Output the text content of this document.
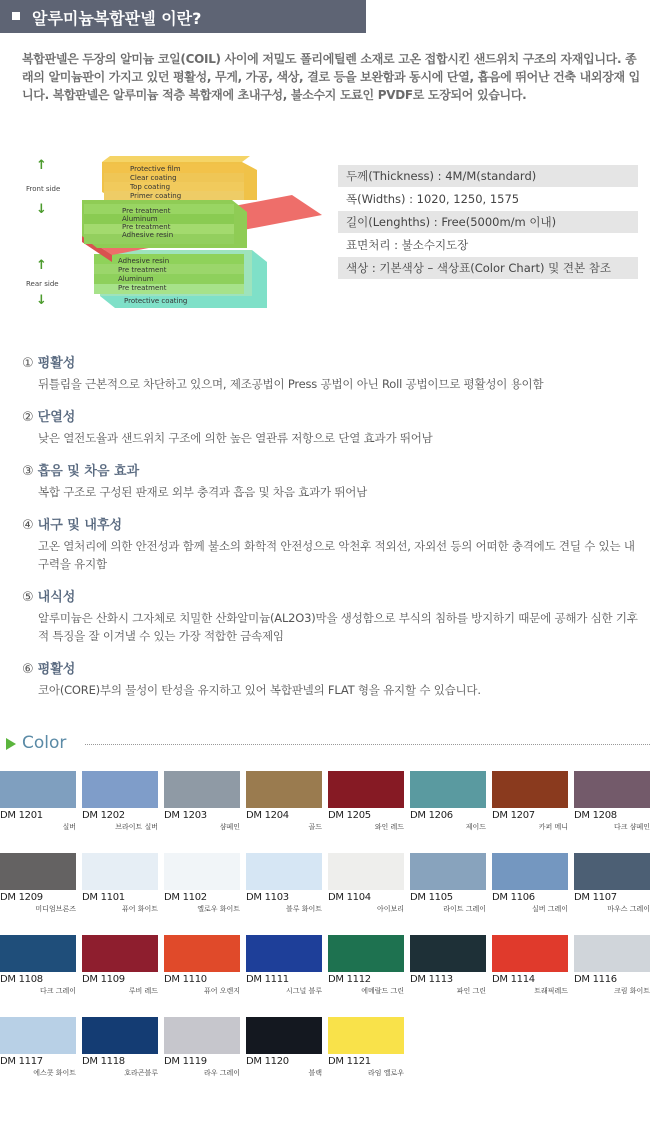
알루미늄복합판넬 이란?
복합판넬은 두장의 알미늄 코일(COIL) 사이에 저밀도 폴리에틸렌 소재로 고온 접합시킨 샌드위치 구조의 자재입니다. 종래의 알미늄판이 가지고 있던 평활성, 무게, 가공, 색상, 결로 등을 보완함과 동시에 단열, 흡음에 뛰어난 건축 내외장재 입니다. 복합판넬은 알루미늄 적층 복합재에 초내구성, 불소수지 도료인 PVDF로 도장되어 있습니다.
↑
Front side
↓
↑
Rear side
↓
Protective film
Clear coating
Top coating
Primer coating
Pre treatment
Aluminum
Pre treatment
Adhesive resin
Adhesive resin
Pre treatment
Aluminum
Pre treatment
Protective coating
두께(Thickness) : 4M/M(standard)
폭(Widths) : 1020, 1250, 1575
길이(Lenghths) : Free(5000m/m 이내)
표면처리 : 불소수지도장
색상 : 기본색상 – 색상표(Color Chart) 및 견본 참조
① 평활성
뒤틀림을 근본적으로 차단하고 있으며, 제조공법이 Press 공법이 아닌 Roll 공법이므로 평활성이 용이함
② 단열성
낮은 열전도율과 샌드위치 구조에 의한 높은 열관류 저항으로 단열 효과가 뛰어남
③ 흡음 및 차음 효과
복합 구조로 구성된 판재로 외부 충격과 흡음 및 차음 효과가 뛰어남
④ 내구 및 내후성
고온 열처리에 의한 안전성과 함께 불소의 화학적 안전성으로 악천후 적외선, 자외선 등의 어떠한 충격에도 견딜 수 있는 내구력을 유지함
⑤ 내식성
알루미늄은 산화시 그자체로 치밀한 산화알미늄(AL2O3)막을 생성함으로 부식의 침하를 방지하기 때문에 공해가 심한 기후적 특징을 잘 이겨낼 수 있는 가장 적합한 금속제임
⑥ 평활성
코아(CORE)부의 물성이 탄성을 유지하고 있어 복합판넬의 FLAT 형을 유지할 수 있습니다.
Color
DM 1201
실버
DM 1202
브라이트 실버
DM 1203
샴페인
DM 1204
골드
DM 1205
와인 레드
DM 1206
제이드
DM 1207
카퍼 메니
DM 1208
다크 샴페인
DM 1209
미디엄브론즈
DM 1101
퓨어 화이트
DM 1102
옐로우 화이트
DM 1103
블루 화이트
DM 1104
아이보리
DM 1105
라이트 그레이
DM 1106
실버 그레이
DM 1107
마우스 그레이
DM 1108
다크 그레이
DM 1109
루비 레드
DM 1110
퓨어 오렌지
DM 1111
시그널 블루
DM 1112
에메랄드 그린
DM 1113
파인 그린
DM 1114
트래픽레드
DM 1116
크림 화이트
DM 1117
에스콧 화이트
DM 1118
호라곤블루
DM 1119
라우 그레이
DM 1120
블랙
DM 1121
라임 옐로우
